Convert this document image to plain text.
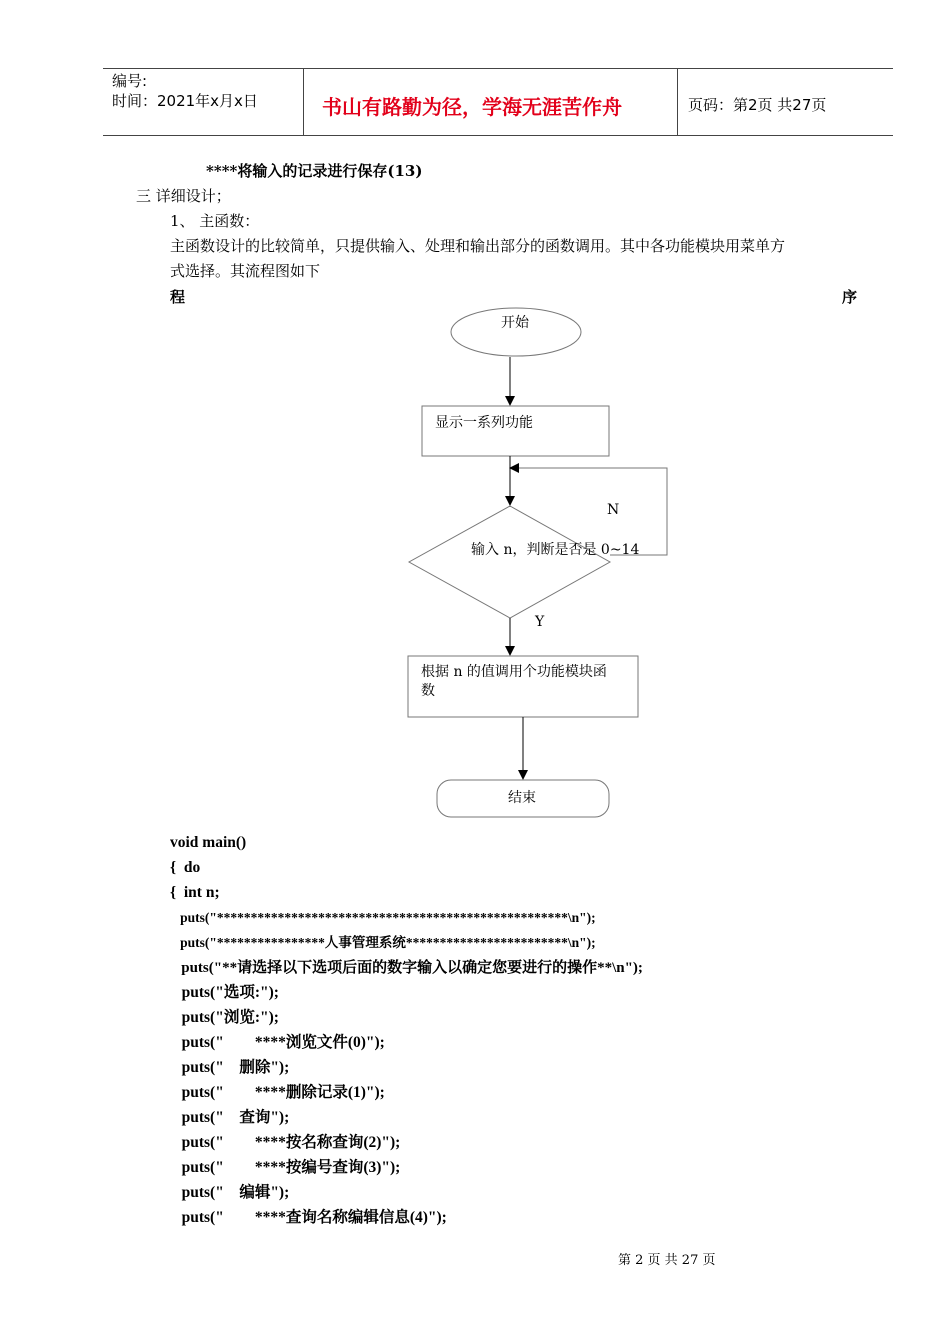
编号:
时间：2021年x月x日	书山有路勤为径，学海无涯苦作舟	页码：第2页 共27页
****将输入的记录进行保存(13)
三 详细设计；
1、 主函数：
主函数设计的比较简单，只提供输入、处理和输出部分的函数调用。其中各功能模块用菜单方
式选择。其流程图如下
程	序
开始
显示一系列功能
输入 n，判断是否是 0~14
N
Y
根据 n 的值调用个功能模块函
数
结束
void main()
{  do
{  int n;
puts("****************************************************\n");
puts("****************人事管理系统************************\n");
puts("**请选择以下选项后面的数字输入以确定您要进行的操作**\n");
puts("选项:");
puts("浏览:");
puts("        ****浏览文件(0)");
puts("    删除");
puts("        ****删除记录(1)");
puts("    查询");
puts("        ****按名称查询(2)");
puts("        ****按编号查询(3)");
puts("    编辑");
puts("        ****查询名称编辑信息(4)");
第 2 页 共 27 页
